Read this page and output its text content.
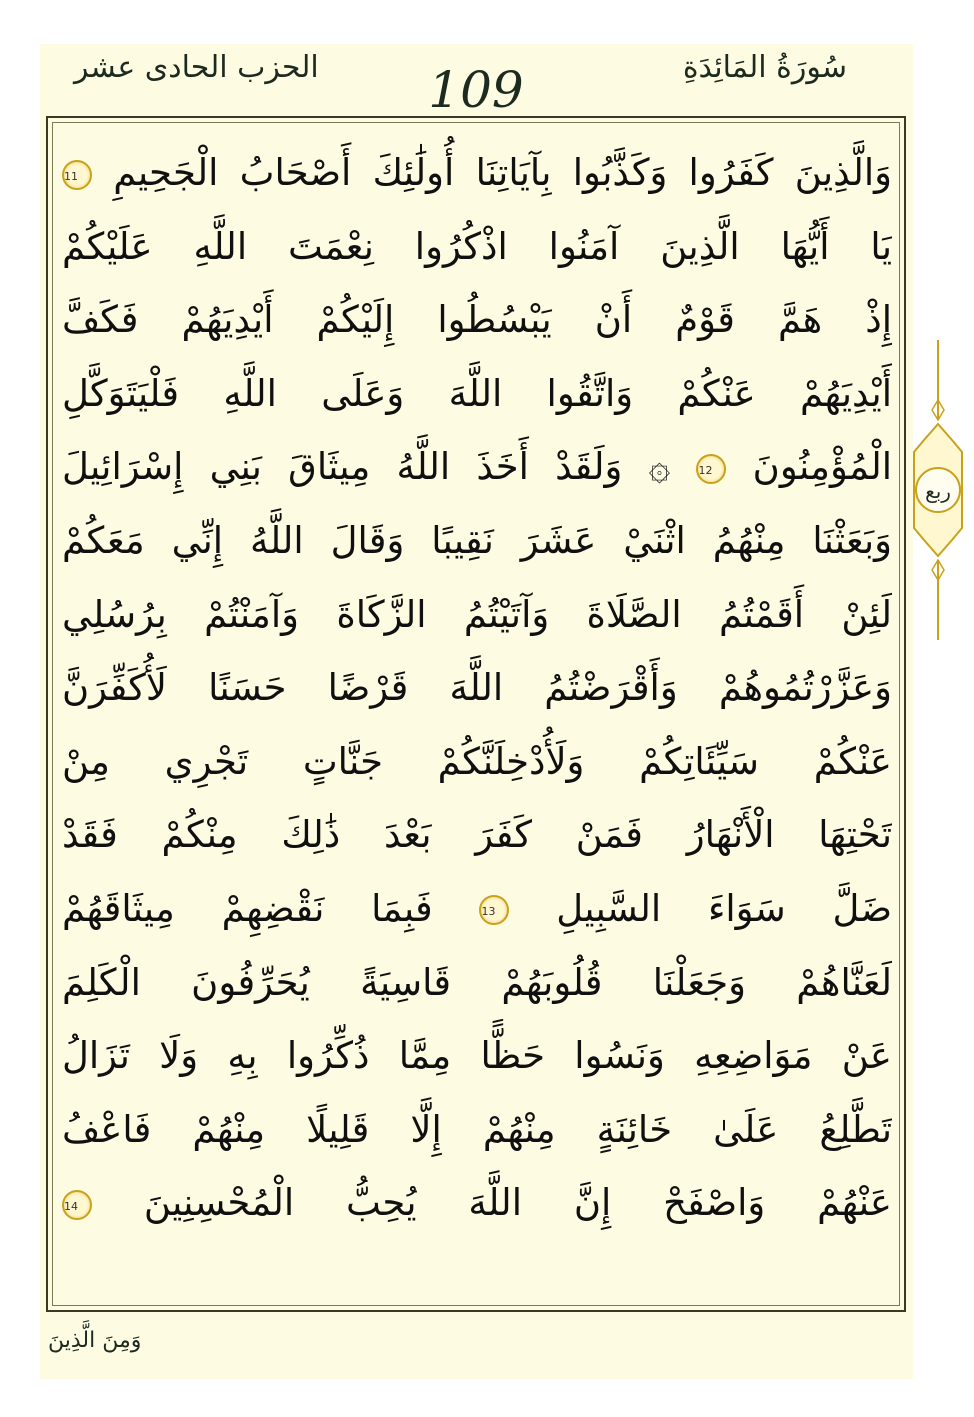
الحزب الحادى عشر	109	سُورَةُ المَائِدَةِ
وَالَّذِينَ كَفَرُوا وَكَذَّبُوا بِآيَاتِنَا أُولَٰئِكَ أَصْحَابُ الْجَحِيمِ 11
يَا أَيُّهَا الَّذِينَ آمَنُوا اذْكُرُوا نِعْمَتَ اللَّهِ عَلَيْكُمْ
إِذْ هَمَّ قَوْمٌ أَنْ يَبْسُطُوا إِلَيْكُمْ أَيْدِيَهُمْ فَكَفَّ
أَيْدِيَهُمْ عَنْكُمْ وَاتَّقُوا اللَّهَ وَعَلَى اللَّهِ فَلْيَتَوَكَّلِ
الْمُؤْمِنُونَ 12 ۞ وَلَقَدْ أَخَذَ اللَّهُ مِيثَاقَ بَنِي إِسْرَائِيلَ
وَبَعَثْنَا مِنْهُمُ اثْنَيْ عَشَرَ نَقِيبًا وَقَالَ اللَّهُ إِنِّي مَعَكُمْ
لَئِنْ أَقَمْتُمُ الصَّلَاةَ وَآتَيْتُمُ الزَّكَاةَ وَآمَنْتُمْ بِرُسُلِي
وَعَزَّرْتُمُوهُمْ وَأَقْرَضْتُمُ اللَّهَ قَرْضًا حَسَنًا لَأُكَفِّرَنَّ
عَنْكُمْ سَيِّئَاتِكُمْ وَلَأُدْخِلَنَّكُمْ جَنَّاتٍ تَجْرِي مِنْ
تَحْتِهَا الْأَنْهَارُ فَمَنْ كَفَرَ بَعْدَ ذَٰلِكَ مِنْكُمْ فَقَدْ
ضَلَّ سَوَاءَ السَّبِيلِ 13 فَبِمَا نَقْضِهِمْ مِيثَاقَهُمْ
لَعَنَّاهُمْ وَجَعَلْنَا قُلُوبَهُمْ قَاسِيَةً يُحَرِّفُونَ الْكَلِمَ
عَنْ مَوَاضِعِهِ وَنَسُوا حَظًّا مِمَّا ذُكِّرُوا بِهِ وَلَا تَزَالُ
تَطَّلِعُ عَلَىٰ خَائِنَةٍ مِنْهُمْ إِلَّا قَلِيلًا مِنْهُمْ فَاعْفُ
عَنْهُمْ وَاصْفَحْ إِنَّ اللَّهَ يُحِبُّ الْمُحْسِنِينَ 14
وَمِنَ الَّذِينَ
ربع
